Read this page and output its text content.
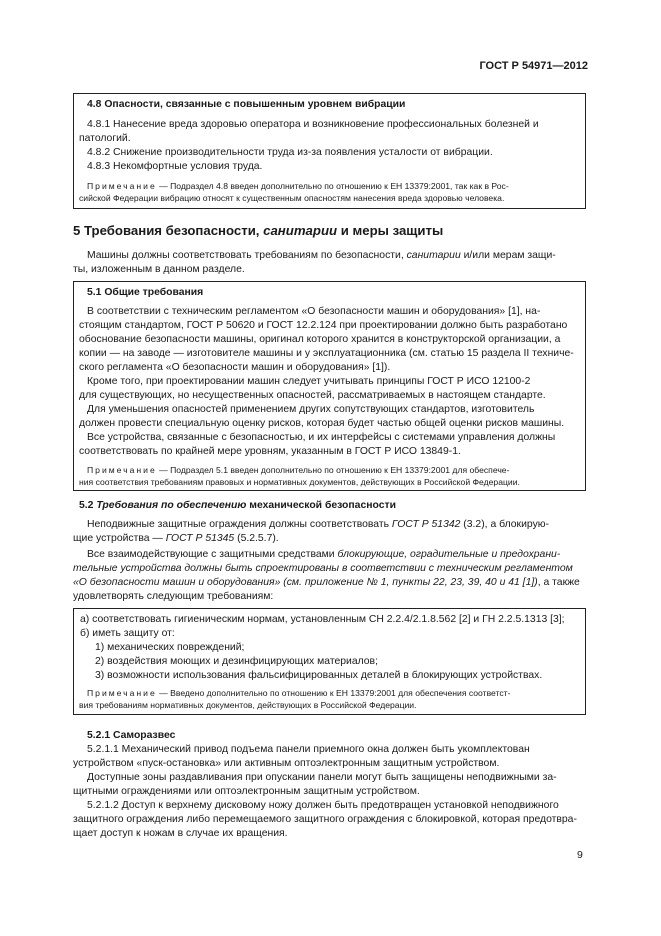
ГОСТ Р 54971—2012
4.8 Опасности, связанные с повышенным уровнем вибрации
4.8.1 Нанесение вреда здоровью оператора и возникновение профессиональных болезней и
патологий.
4.8.2 Снижение производительности труда из-за появления усталости от вибрации.
4.8.3 Некомфортные условия труда.
Примечание — Подраздел 4.8 введен дополнительно по отношению к ЕН 13379:2001, так как в Рос-
сийской Федерации вибрацию относят к существенным опасностям нанесения вреда здоровью человека.
5 Требования безопасности, санитарии и меры защиты
Машины должны соответствовать требованиям по безопасности, санитарии и/или мерам защи-
ты, изложенным в данном разделе.
5.1 Общие требования
В соответствии с техническим регламентом «О безопасности машин и оборудования» [1], на-
стоящим стандартом, ГОСТ Р 50620 и ГОСТ 12.2.124 при проектировании должно быть разработано
обоснование безопасности машины, оригинал которого хранится в конструкторской организации, а
копии — на заводе — изготовителе машины и у эксплуатационника (см. статью 15 раздела II техниче-
ского регламента «О безопасности машин и оборудования» [1]).
Кроме того, при проектировании машин следует учитывать принципы ГОСТ Р ИСО 12100-2
для существующих, но несущественных опасностей, рассматриваемых в настоящем стандарте.
Для уменьшения опасностей применением других сопутствующих стандартов, изготовитель
должен провести специальную оценку рисков, которая будет частью общей оценки рисков машины.
Все устройства, связанные с безопасностью, и их интерфейсы с системами управления должны
соответствовать по крайней мере уровням, указанным в ГОСТ Р ИСО 13849-1.
Примечание — Подраздел 5.1 введен дополнительно по отношению к ЕН 13379:2001 для обеспече-
ния соответствия требованиям правовых и нормативных документов, действующих в Российской Федерации.
5.2 Требования по обеспечению механической безопасности
Неподвижные защитные ограждения должны соответствовать ГОСТ Р 51342 (3.2), а блокирую-
щие устройства — ГОСТ Р 51345 (5.2.5.7).
Все взаимодействующие с защитными средствами блокирующие, оградительные и предохрани-
тельные устройства должны быть спроектированы в соответствии с техническим регламентом
«О безопасности машин и оборудования» (см. приложение № 1, пункты 22, 23, 39, 40 и 41 [1]), а также
удовлетворять следующим требованиям:
а) соответствовать гигиеническим нормам, установленным СН 2.2.4/2.1.8.562 [2] и ГН 2.2.5.1313 [3];
б) иметь защиту от:
1) механических повреждений;
2) воздействия моющих и дезинфицирующих материалов;
3) возможности использования фальсифицированных деталей в блокирующих устройствах.
Примечание — Введено дополнительно по отношению к ЕН 13379:2001 для обеспечения соответст-
вия требованиям нормативных документов, действующих в Российской Федерации.
5.2.1 Саморазвес
5.2.1.1 Механический привод подъема панели приемного окна должен быть укомплектован
устройством «пуск-остановка» или активным оптоэлектронным защитным устройством.
Доступные зоны раздавливания при опускании панели могут быть защищены неподвижными за-
щитными ограждениями или оптоэлектронным защитным устройством.
5.2.1.2 Доступ к верхнему дисковому ножу должен быть предотвращен установкой неподвижного
защитного ограждения либо перемещаемого защитного ограждения с блокировкой, которая предотвра-
щает доступ к ножам в случае их вращения.
9
